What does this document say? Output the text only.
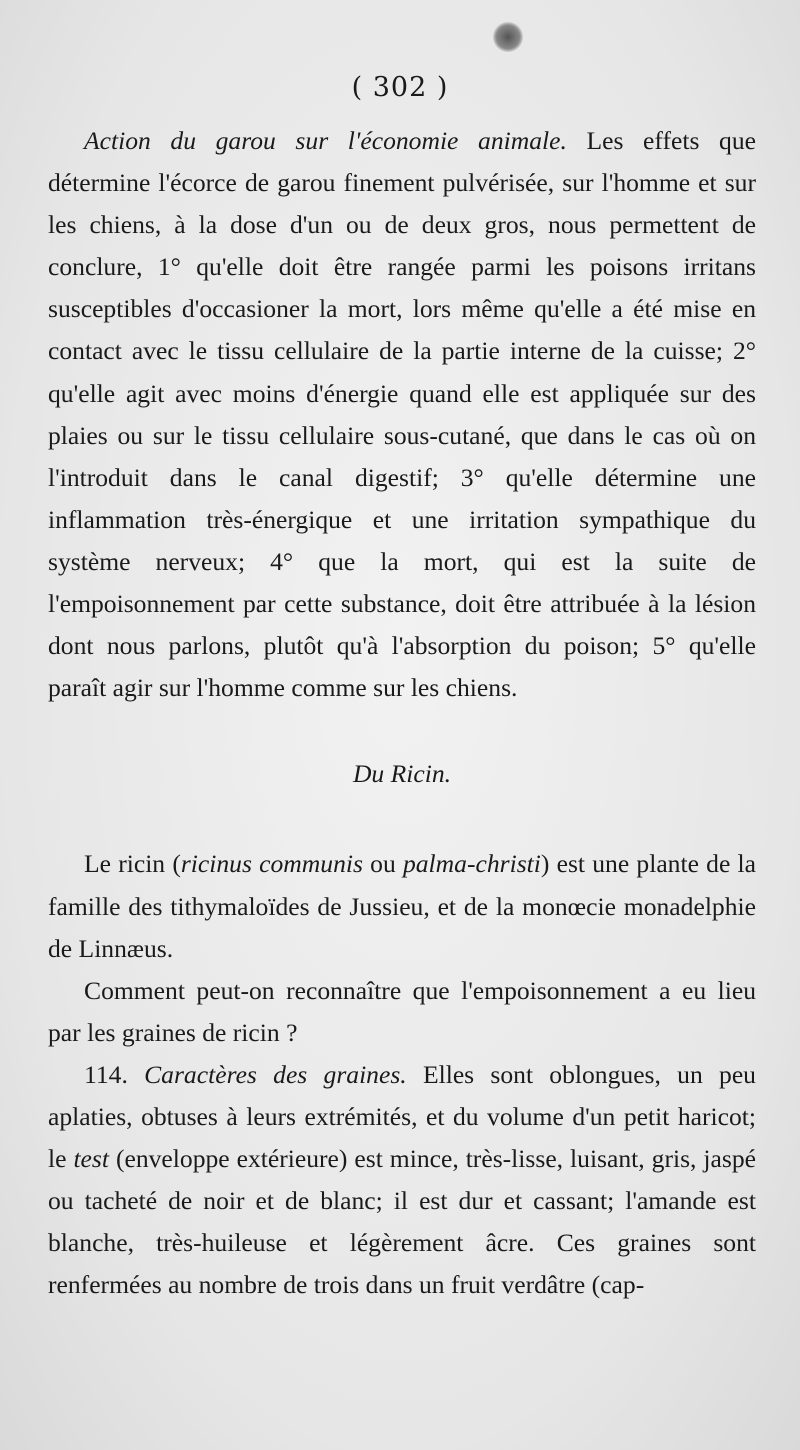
( 302 )

Action du garou sur l'économie animale. Les effets que détermine l'écorce de garou finement pulvérisée, sur l'homme et sur les chiens, à la dose d'un ou de deux gros, nous permettent de conclure, 1° qu'elle doit être rangée parmi les poisons irritans susceptibles d'occasioner la mort, lors même qu'elle a été mise en contact avec le tissu cellulaire de la partie interne de la cuisse; 2° qu'elle agit avec moins d'énergie quand elle est appliquée sur des plaies ou sur le tissu cellulaire sous-cutané, que dans le cas où on l'introduit dans le canal digestif; 3° qu'elle détermine une inflammation très-énergique et une irritation sympathique du système nerveux; 4° que la mort, qui est la suite de l'empoisonnement par cette substance, doit être attribuée à la lésion dont nous parlons, plutôt qu'à l'absorption du poison; 5° qu'elle paraît agir sur l'homme comme sur les chiens.

Du Ricin.

Le ricin (ricinus communis ou palma-christi) est une plante de la famille des tithymaloïdes de Jussieu, et de la monœcie monadelphie de Linnæus.

Comment peut-on reconnaître que l'empoisonnement a eu lieu par les graines de ricin ?

114. Caractères des graines. Elles sont oblongues, un peu aplaties, obtuses à leurs extrémités, et du volume d'un petit haricot; le test (enveloppe extérieure) est mince, très-lisse, luisant, gris, jaspé ou tacheté de noir et de blanc; il est dur et cassant; l'amande est blanche, très-huileuse et légèrement âcre. Ces graines sont renfermées au nombre de trois dans un fruit verdâtre (cap-
